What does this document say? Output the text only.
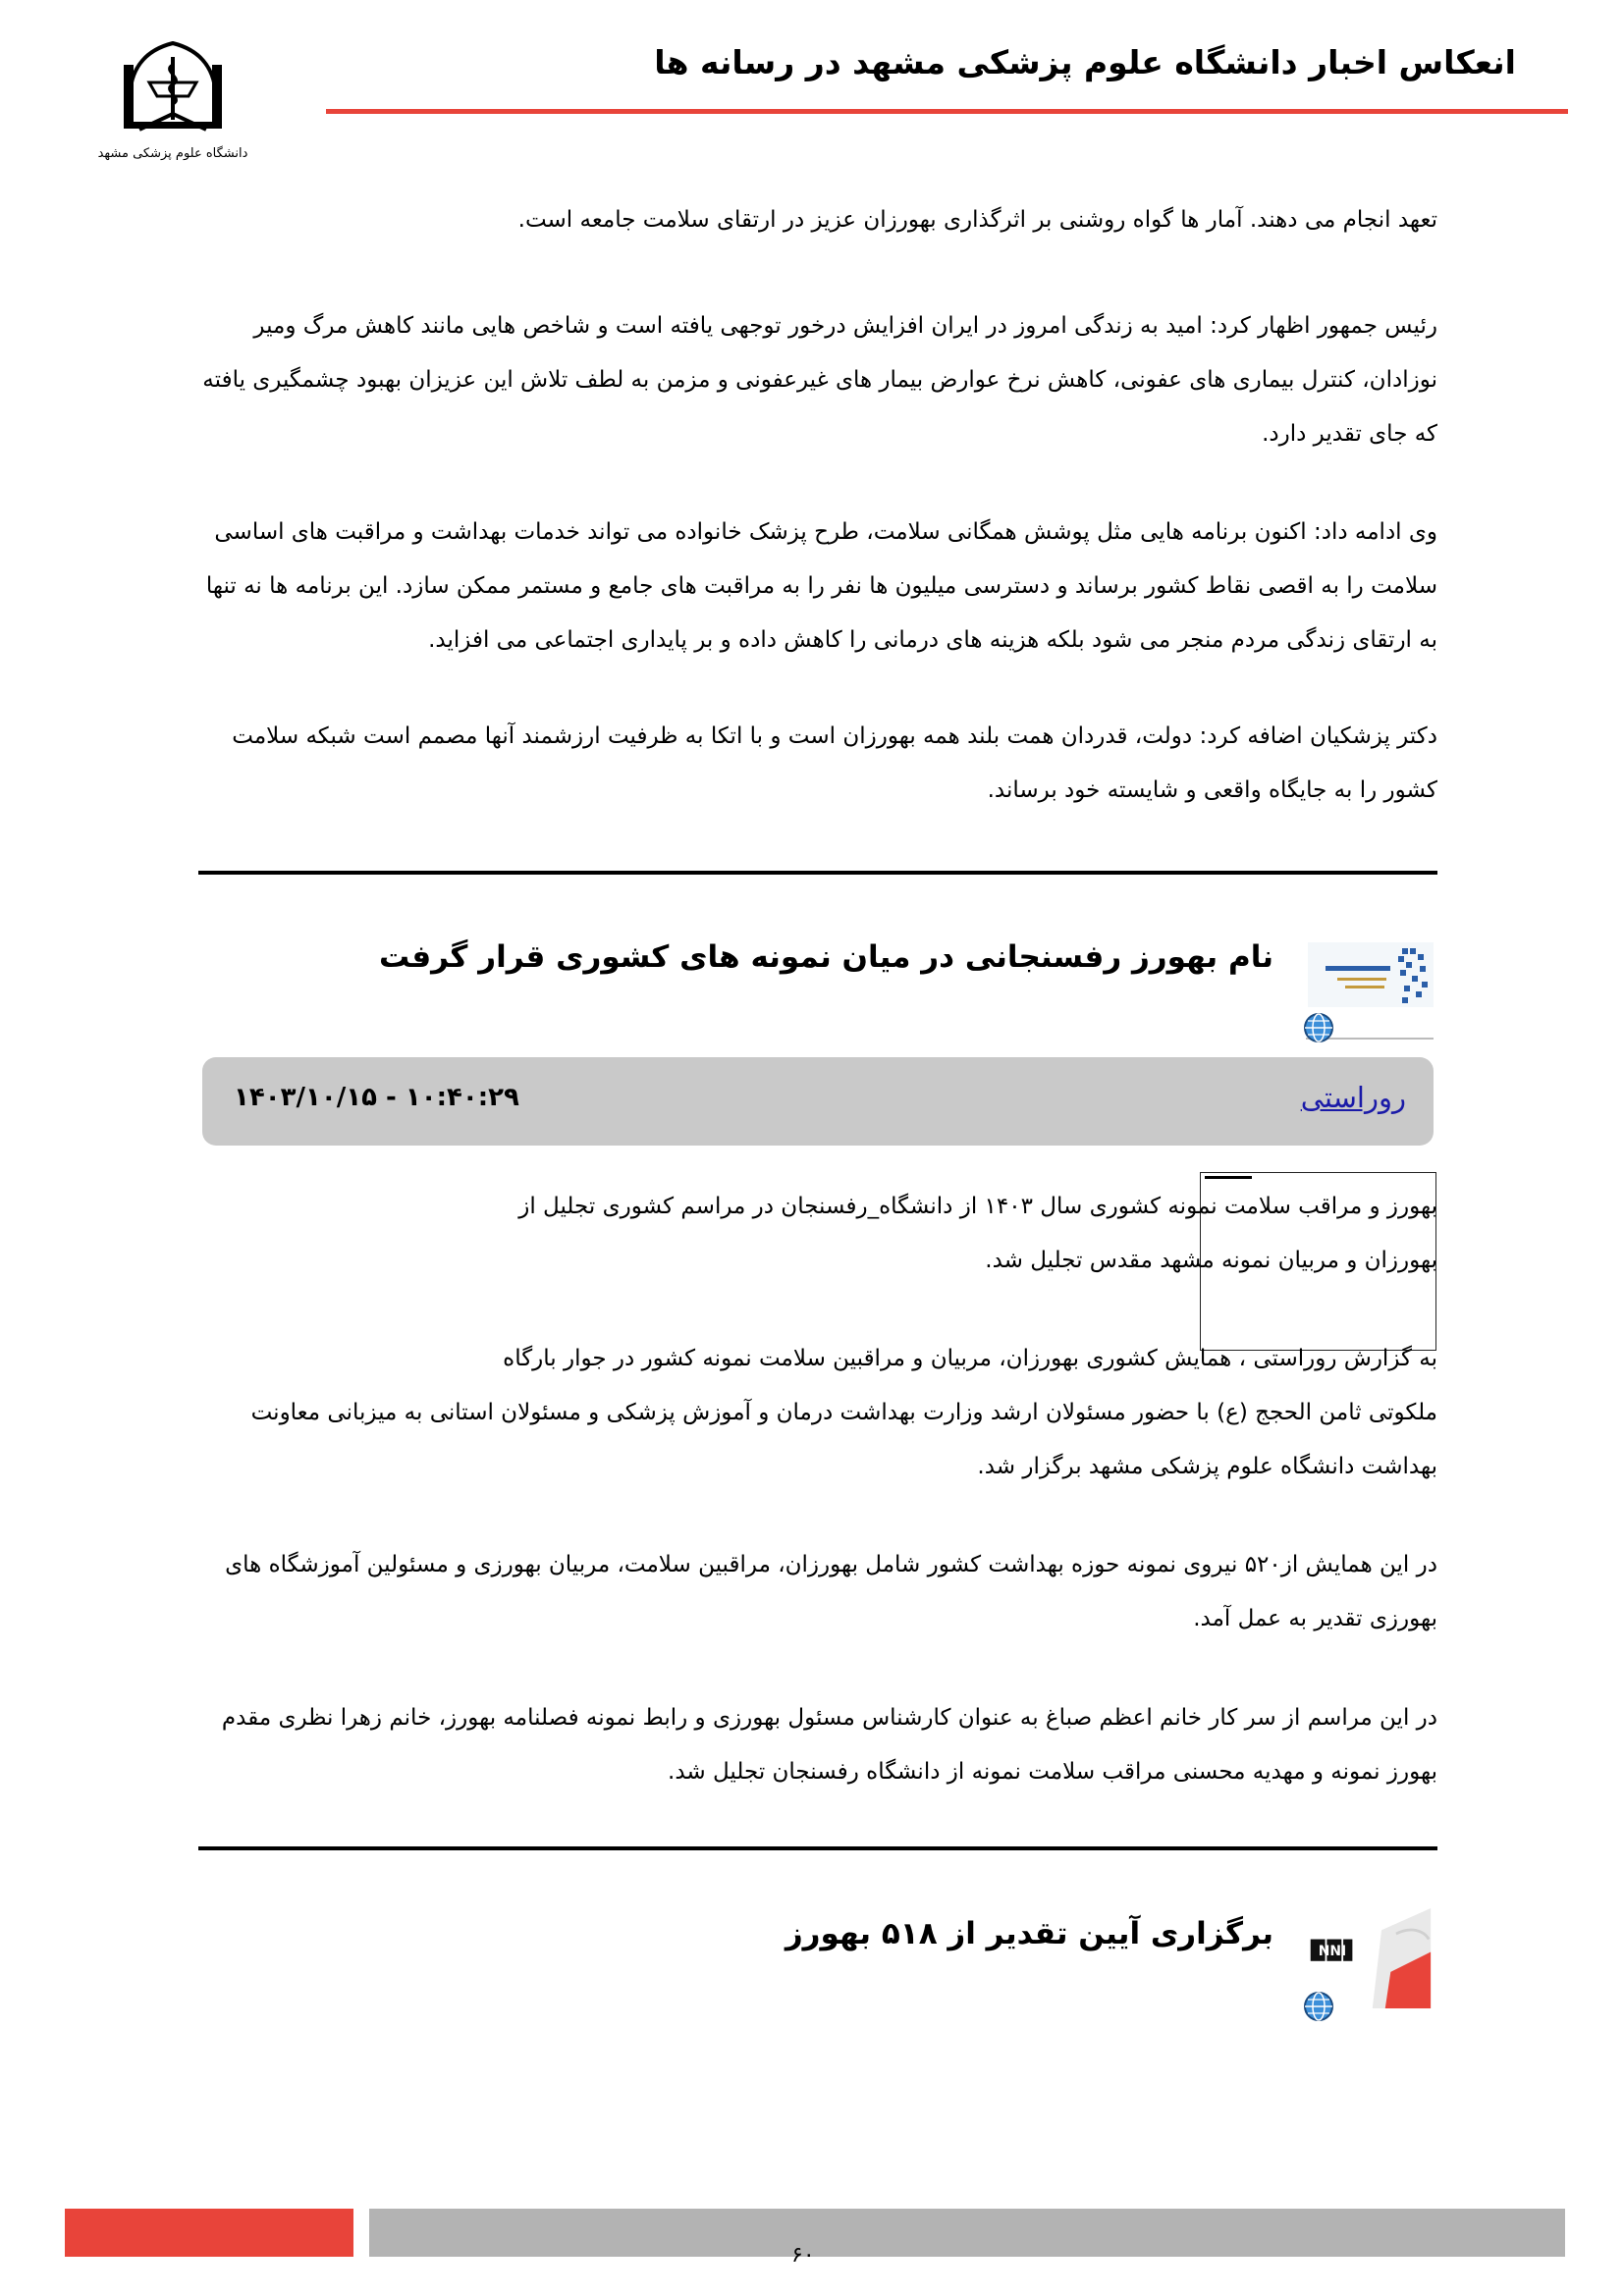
انعکاس اخبار دانشگاه علوم پزشکی مشهد در رسانه ها
دانشگاه علوم پزشکی مشهد
تعهد انجام می دهند. آمار ها گواه روشنی بر اثرگذاری بهورزان عزیز در ارتقای سلامت جامعه است.
رئیس جمهور اظهار کرد: امید به زندگی امروز در ایران افزایش درخور توجهی یافته است و شاخص هایی مانند کاهش مرگ ومیر نوزادان، کنترل بیماری های عفونی، کاهش نرخ عوارض بیمار های غیرعفونی و مزمن به لطف تلاش این عزیزان بهبود چشمگیری یافته که جای تقدیر دارد.
وی ادامه داد: اکنون برنامه هایی مثل پوشش همگانی سلامت، طرح پزشک خانواده می تواند خدمات بهداشت و مراقبت های اساسی سلامت را به اقصی نقاط کشور برساند و دسترسی میلیون ها نفر را به مراقبت های جامع و مستمر ممکن سازد. این برنامه ها نه تنها به ارتقای زندگی مردم منجر می شود بلکه هزینه های درمانی را کاهش داده و بر پایداری اجتماعی می افزاید.
دکتر پزشکیان اضافه کرد: دولت، قدردان همت بلند همه بهورزان است و با اتکا به ظرفیت ارزشمند آنها مصمم است شبکه سلامت کشور را به جایگاه واقعی و شایسته خود برساند.
نام بهورز رفسنجانی در میان نمونه های کشوری قرار گرفت
روراستی
۱۴۰۳/۱۰/۱۵ - ۱۰:۴۰:۲۹
بهورز و مراقب سلامت نمونه کشوری سال ۱۴۰۳ از دانشگاه_رفسنجان در مراسم کشوری تجلیل از
بهورزان و مربیان نمونه مشهد مقدس تجلیل شد.
به گزارش روراستی ، همایش کشوری بهورزان، مربیان و مراقبین سلامت نمونه کشور در جوار بارگاه
ملکوتی ثامن الحجج (ع) با حضور مسئولان ارشد وزارت بهداشت درمان و آموزش پزشکی و مسئولان استانی به میزبانی معاونت بهداشت دانشگاه علوم پزشکی مشهد برگزار شد.
در این همایش از۵۲۰ نیروی نمونه حوزه بهداشت کشور شامل بهورزان، مراقبین سلامت، مربیان بهورزی و مسئولین آموزشگاه های بهورزی تقدیر به عمل آمد.
در این مراسم از سر کار خانم اعظم صباغ به عنوان کارشناس مسئول بهورزی و رابط نمونه فصلنامه بهورز، خانم زهرا نظری مقدم بهورز نمونه و مهدیه محسنی مراقب سلامت نمونه از دانشگاه رفسنجان تجلیل شد.
برگزاری آیین تقدیر از ۵۱۸ بهورز
NNI
۶۰
